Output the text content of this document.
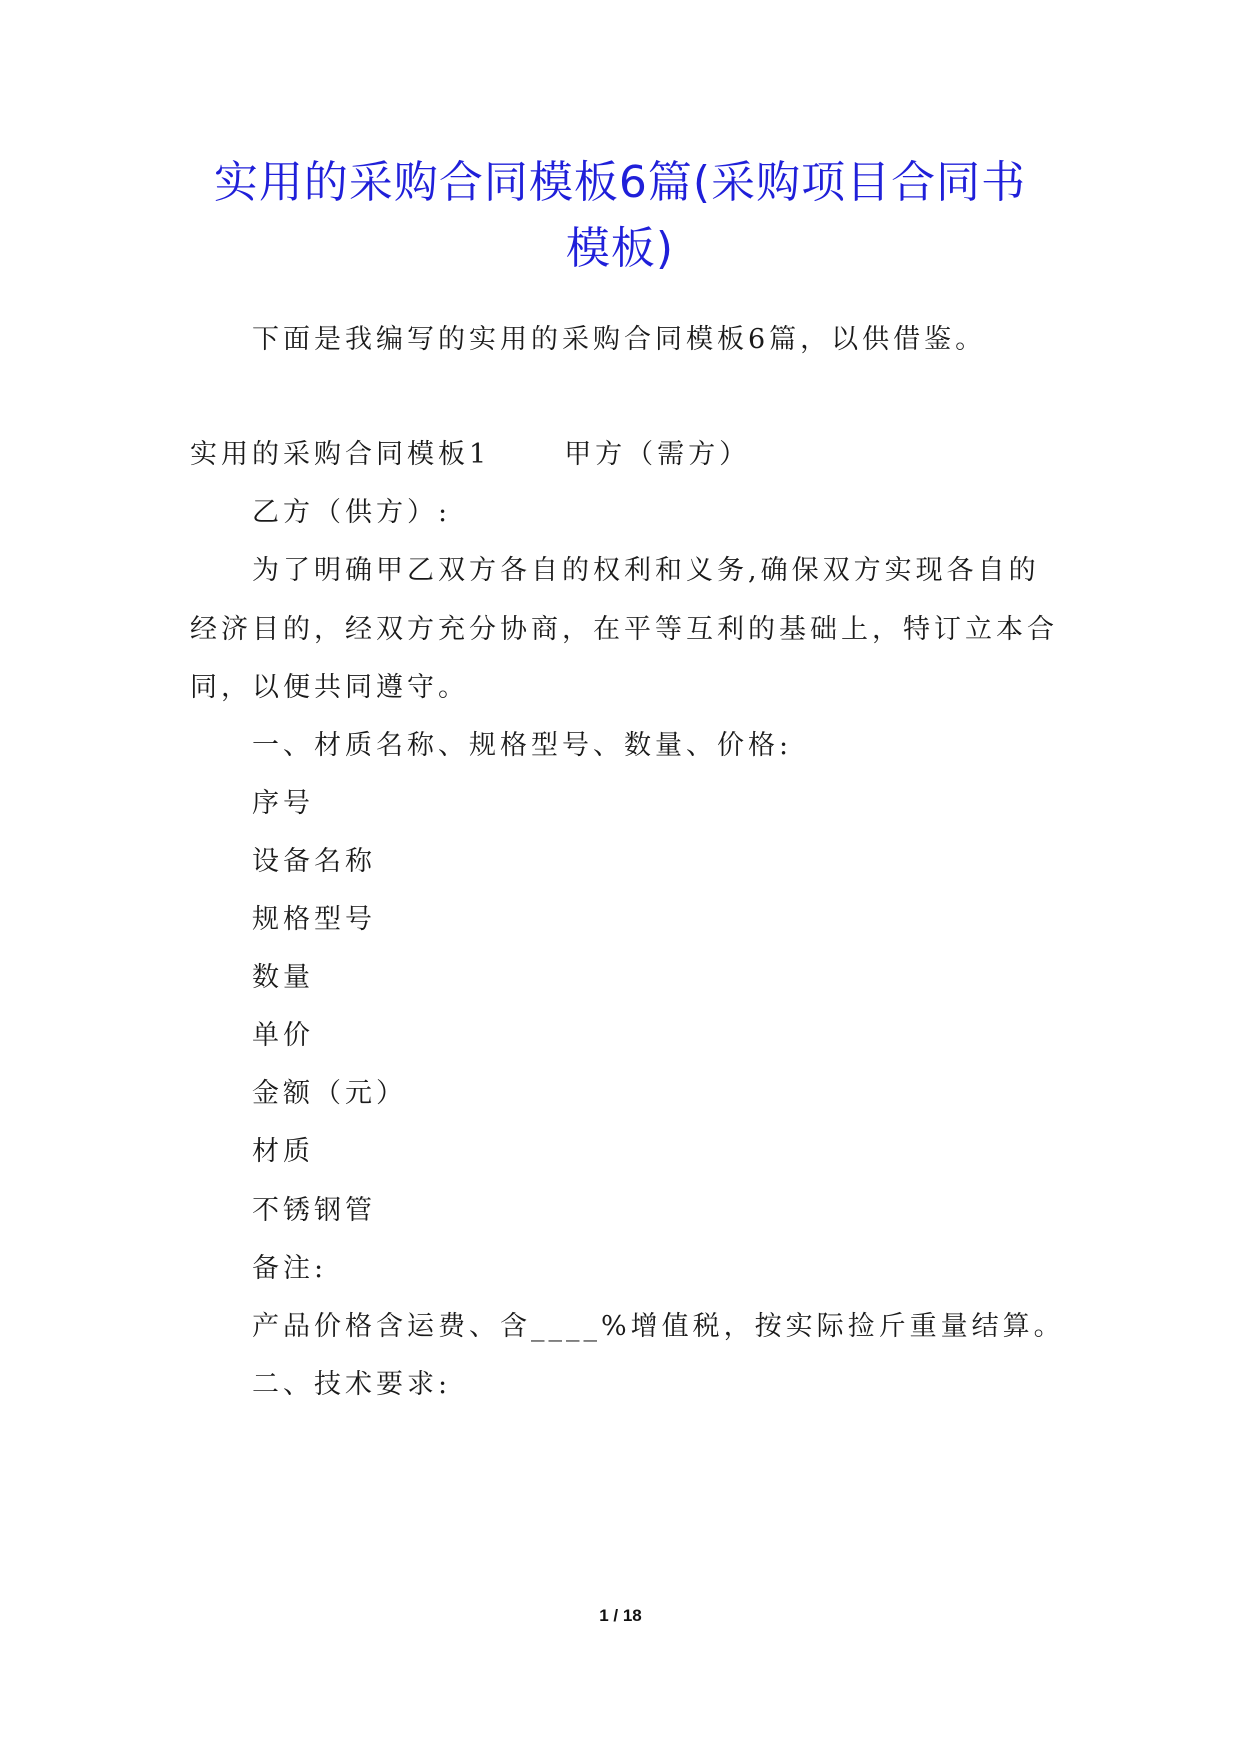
实用的采购合同模板6篇(采购项目合同书
模板)
下面是我编写的实用的采购合同模板6篇，以供借鉴。
实用的采购合同模板1	甲方（需方）
乙方（供方）:
为了明确甲乙双方各自的权利和义务,确保双方实现各自的
经济目的，经双方充分协商，在平等互利的基础上，特订立本合
同，以便共同遵守。
一、材质名称、规格型号、数量、价格:
序号
设备名称
规格型号
数量
单价
金额（元）
材质
不锈钢管
备注:
产品价格含运费、含____%增值税，按实际捡斤重量结算。
二、技术要求:
1 / 18
